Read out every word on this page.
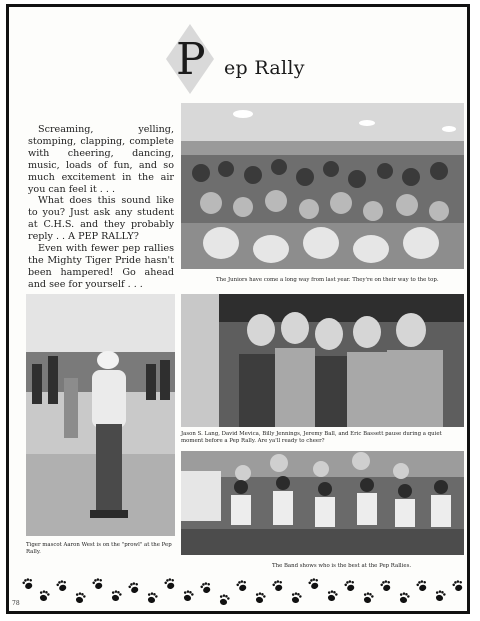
P ep Rally

Screaming, yelling, stomping, clapping, complete with cheering, dancing, music, loads of fun, and so much excitement in the air you can feel it . . .

What does this sound like to you? Just ask any student at C.H.S. and they probably reply . . A PEP RALLY?

Even with fewer pep rallies the Mighty Tiger Pride hasn't been hampered! Go ahead and see for yourself . . .	The Juniors have come a long way from last year. They're on their way to the top.
Tiger mascot Aaron West is on the "prowl" at the Pep Rally.
Jason S. Lang, David Mevica, Billy Jennings, Jeremy Ball, and Eric Bassett pause during a quiet moment before a Pep Rally. Are ya'll ready to cheer?
The Band shows who is the best at the Pep Rallies.
78
